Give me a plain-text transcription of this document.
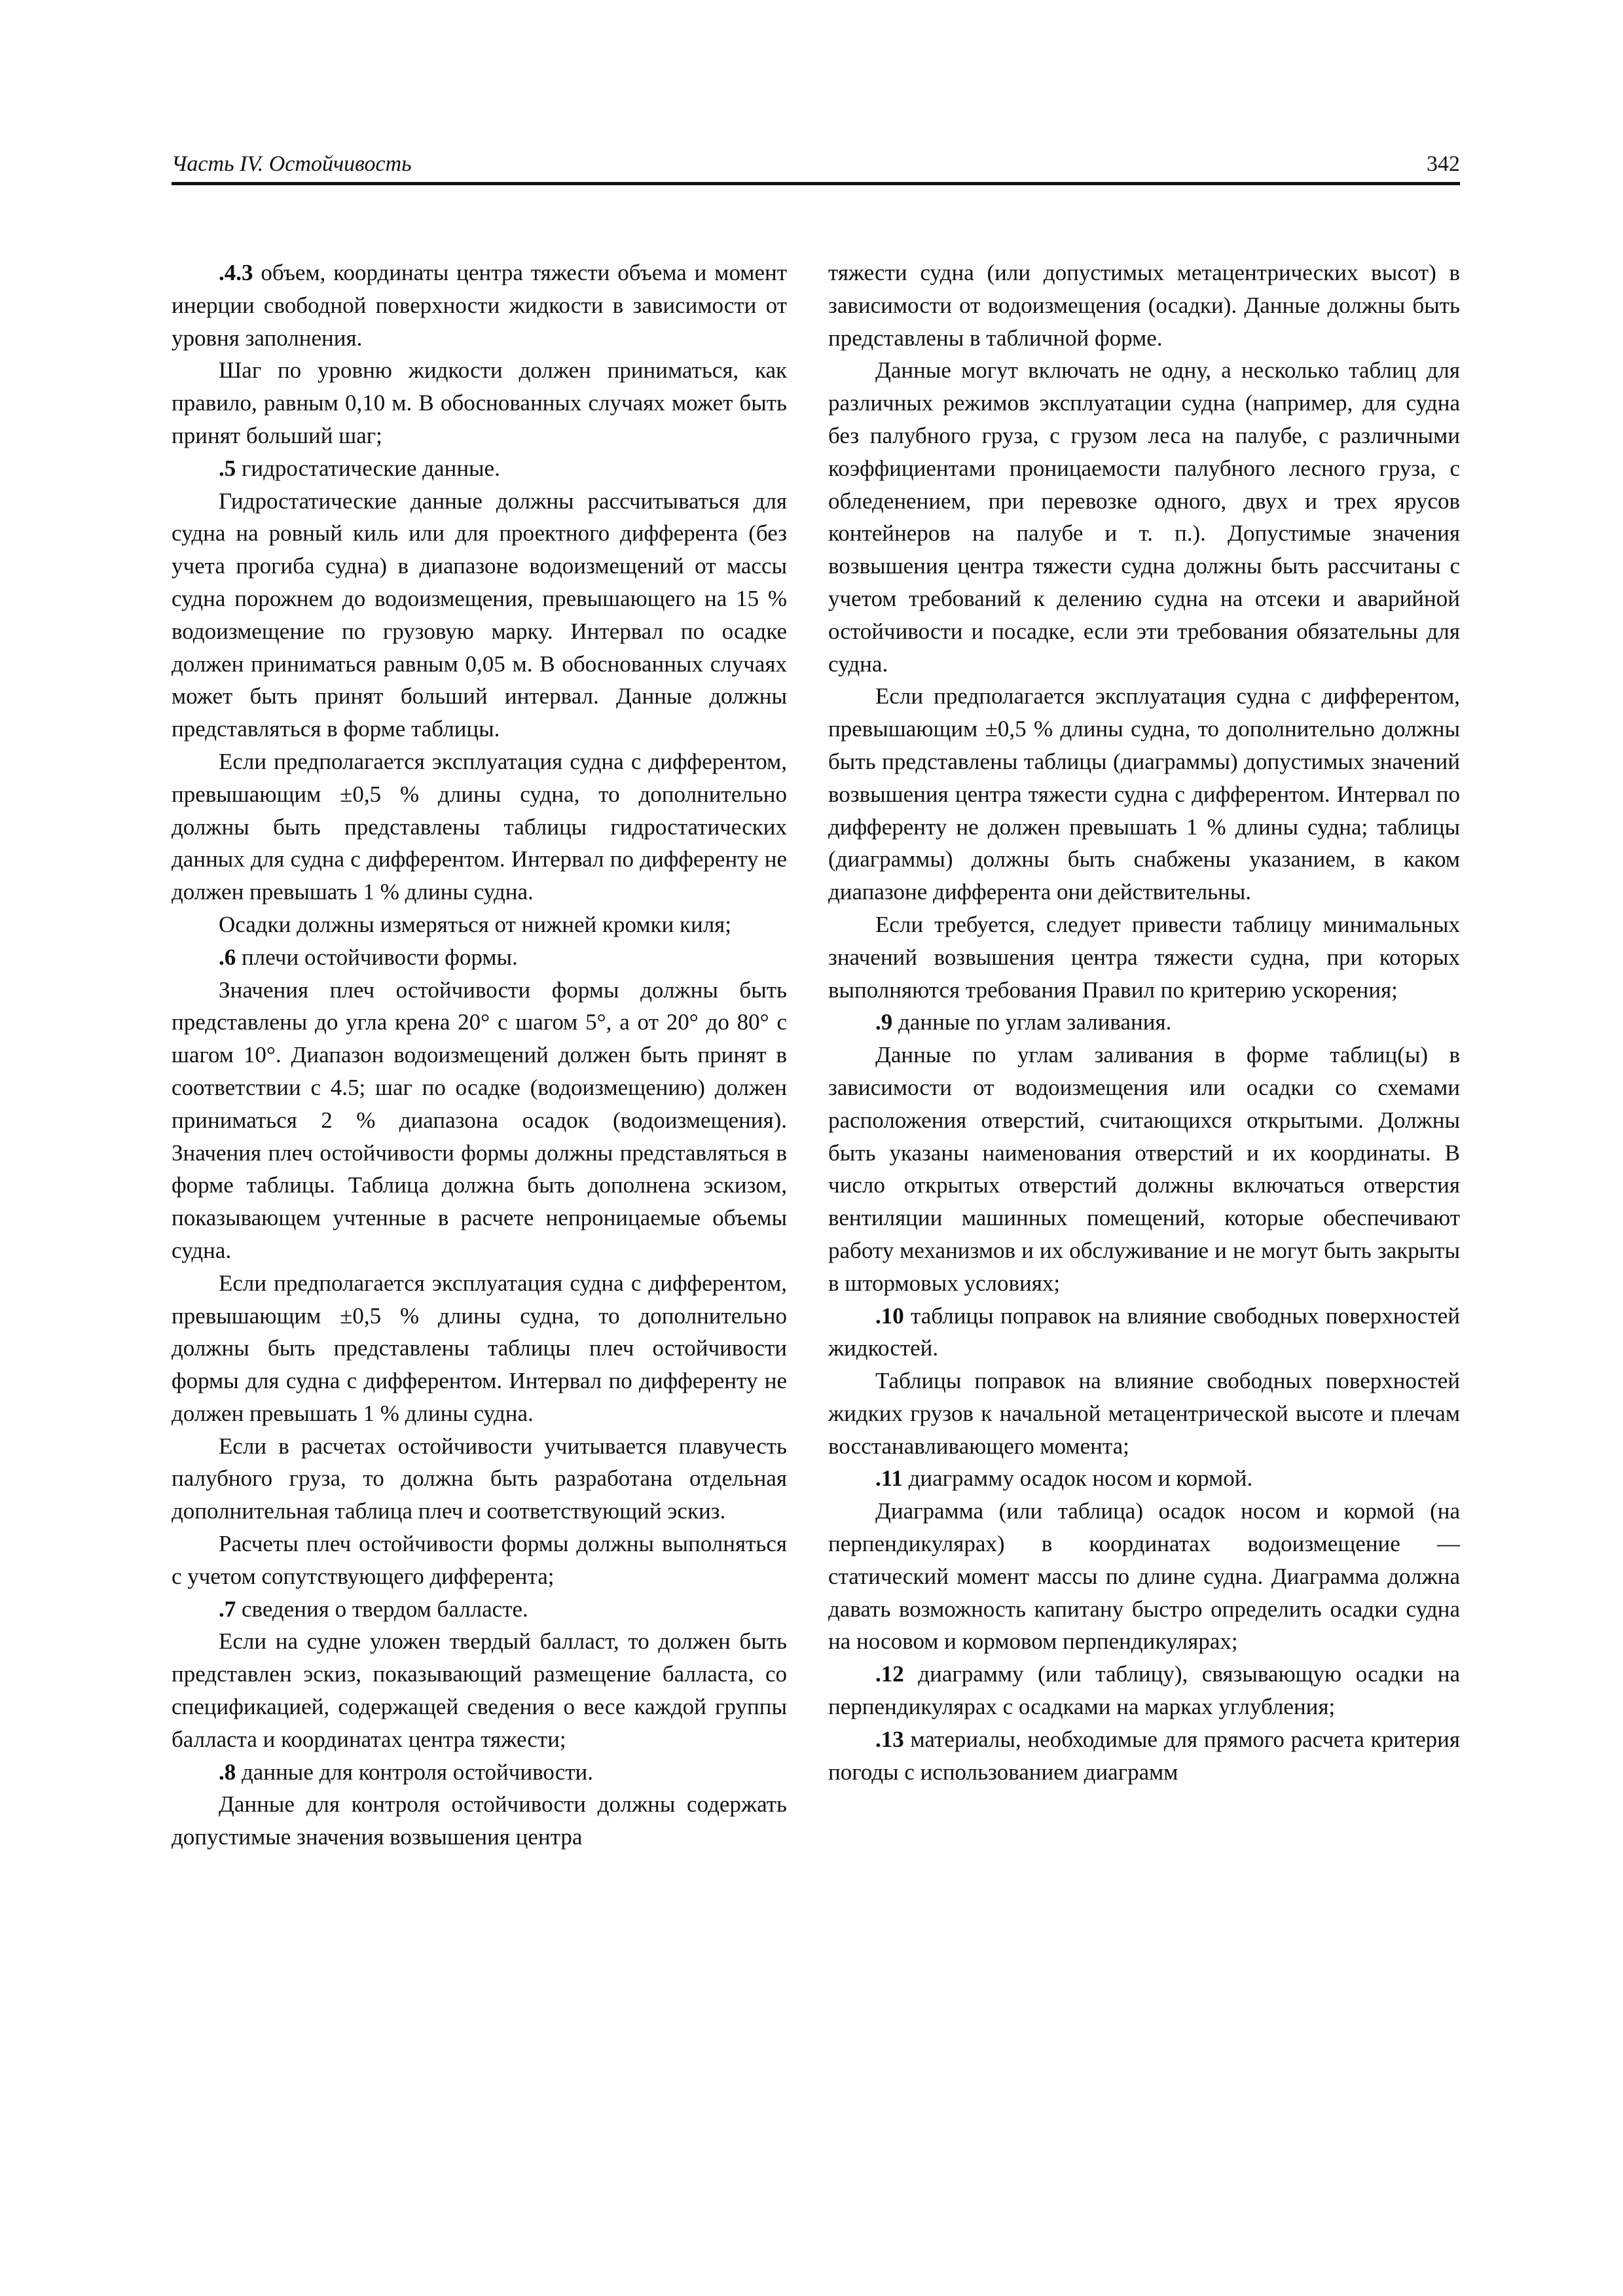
Часть IV. Остойчивость	342

.4.3 объем, координаты центра тяжести объема и момент инерции свободной поверхности жидкости в зависимости от уровня заполнения.

Шаг по уровню жидкости должен приниматься, как правило, равным 0,10 м. В обоснованных случаях может быть принят больший шаг;

.5 гидростатические данные.

Гидростатические данные должны рассчитываться для судна на ровный киль или для проектного дифферента (без учета прогиба судна) в диапазоне водоизмещений от массы судна порожнем до водоизмещения, превышающего на 15 % водоизмещение по грузовую марку. Интервал по осадке должен приниматься равным 0,05 м. В обоснованных случаях может быть принят больший интервал. Данные должны представляться в форме таблицы.

Если предполагается эксплуатация судна с дифферентом, превышающим ±0,5 % длины судна, то дополнительно должны быть представлены таблицы гидростатических данных для судна с дифферентом. Интервал по дифференту не должен превышать 1 % длины судна.

Осадки должны измеряться от нижней кромки киля;

.6 плечи остойчивости формы.

Значения плеч остойчивости формы должны быть представлены до угла крена 20° с шагом 5°, а от 20° до 80° с шагом 10°. Диапазон водоизмещений должен быть принят в соответствии с 4.5; шаг по осадке (водоизмещению) должен приниматься 2 % диапазона осадок (водоизмещения). Значения плеч остойчивости формы должны представляться в форме таблицы. Таблица должна быть дополнена эскизом, показывающем учтенные в расчете непроницаемые объемы судна.

Если предполагается эксплуатация судна с дифферентом, превышающим ±0,5 % длины судна, то дополнительно должны быть представлены таблицы плеч остойчивости формы для судна с дифферентом. Интервал по дифференту не должен превышать 1 % длины судна.

Если в расчетах остойчивости учитывается плавучесть палубного груза, то должна быть разработана отдельная дополнительная таблица плеч и соответствующий эскиз.

Расчеты плеч остойчивости формы должны выполняться с учетом сопутствующего дифферента;

.7 сведения о твердом балласте.

Если на судне уложен твердый балласт, то должен быть представлен эскиз, показывающий размещение балласта, со спецификацией, содержащей сведения о весе каждой группы балласта и координатах центра тяжести;

.8 данные для контроля остойчивости.

Данные для контроля остойчивости должны содержать допустимые значения возвышения центра

тяжести судна (или допустимых метацентрических высот) в зависимости от водоизмещения (осадки). Данные должны быть представлены в табличной форме.

Данные могут включать не одну, а несколько таблиц для различных режимов эксплуатации судна (например, для судна без палубного груза, с грузом леса на палубе, с различными коэффициентами проницаемости палубного лесного груза, с обледенением, при перевозке одного, двух и трех ярусов контейнеров на палубе и т. п.). Допустимые значения возвышения центра тяжести судна должны быть рассчитаны с учетом требований к делению судна на отсеки и аварийной остойчивости и посадке, если эти требования обязательны для судна.

Если предполагается эксплуатация судна с дифферентом, превышающим ±0,5 % длины судна, то дополнительно должны быть представлены таблицы (диаграммы) допустимых значений возвышения центра тяжести судна с дифферентом. Интервал по дифференту не должен превышать 1 % длины судна; таблицы (диаграммы) должны быть снабжены указанием, в каком диапазоне дифферента они действительны.

Если требуется, следует привести таблицу минимальных значений возвышения центра тяжести судна, при которых выполняются требования Правил по критерию ускорения;

.9 данные по углам заливания.

Данные по углам заливания в форме таблиц(ы) в зависимости от водоизмещения или осадки со схемами расположения отверстий, считающихся открытыми. Должны быть указаны наименования отверстий и их координаты. В число открытых отверстий должны включаться отверстия вентиляции машинных помещений, которые обеспечивают работу механизмов и их обслуживание и не могут быть закрыты в штормовых условиях;

.10 таблицы поправок на влияние свободных поверхностей жидкостей.

Таблицы поправок на влияние свободных поверхностей жидких грузов к начальной метацентрической высоте и плечам восстанавливающего момента;

.11 диаграмму осадок носом и кормой.

Диаграмма (или таблица) осадок носом и кормой (на перпендикулярах) в координатах водоизмещение — статический момент массы по длине судна. Диаграмма должна давать возможность капитану быстро определить осадки судна на носовом и кормовом перпендикулярах;

.12 диаграмму (или таблицу), связывающую осадки на перпендикулярах с осадками на марках углубления;

.13 материалы, необходимые для прямого расчета критерия погоды с использованием диаграмм
